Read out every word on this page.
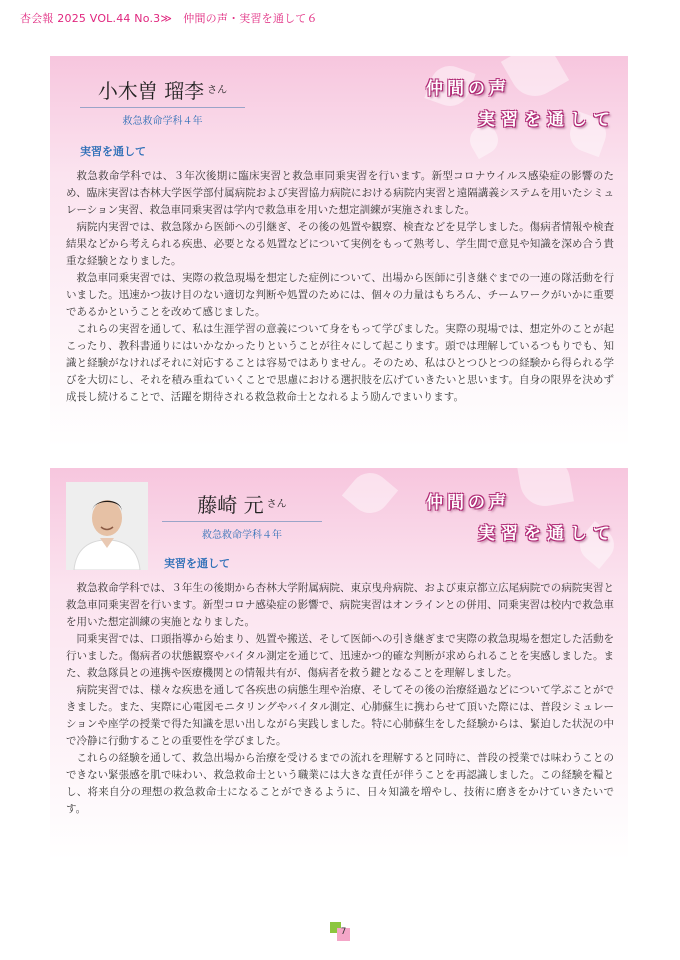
杏会報 2025 VOL.44 No.3≫　仲間の声・実習を通して６
小木曽 瑠李 $^{さん}$
救急救命学科４年
仲間の声
実習を通して
実習を通して

救急救命学科では、３年次後期に臨床実習と救急車同乗実習を行います。新型コロナウイルス感染症の影響のため、臨床実習は杏林大学医学部付属病院および実習協力病院における病院内実習と遠隔講義システムを用いたシミュレーション実習、救急車同乗実習は学内で救急車を用いた想定訓練が実施されました。

病院内実習では、救急隊から医師への引継ぎ、その後の処置や観察、検査などを見学しました。傷病者情報や検査結果などから考えられる疾患、必要となる処置などについて実例をもって熟考し、学生間で意見や知識を深め合う貴重な経験となりました。

救急車同乗実習では、実際の救急現場を想定した症例について、出場から医師に引き継ぐまでの一連の隊活動を行いました。迅速かつ抜け目のない適切な判断や処置のためには、個々の力量はもちろん、チームワークがいかに重要であるかということを改めて感じました。

これらの実習を通して、私は生涯学習の意義について身をもって学びました。実際の現場では、想定外のことが起こったり、教科書通りにはいかなかったりということが往々にして起こります。頭では理解しているつもりでも、知識と経験がなければそれに対応することは容易ではありません。そのため、私はひとつひとつの経験から得られる学びを大切にし、それを積み重ねていくことで思慮における選択肢を広げていきたいと思います。自身の限界を決めず成長し続けることで、活躍を期待される救急救命士となれるよう励んでまいります。

藤崎 元 $^{さん}$
救急救命学科４年
仲間の声
実習を通して
実習を通して

救急救命学科では、３年生の後期から杏林大学附属病院、東京曳舟病院、および東京都立広尾病院での病院実習と救急車同乗実習を行います。新型コロナ感染症の影響で、病院実習はオンラインとの併用、同乗実習は校内で救急車を用いた想定訓練の実施となりました。

同乗実習では、口頭指導から始まり、処置や搬送、そして医師への引き継ぎまで実際の救急現場を想定した活動を行いました。傷病者の状態観察やバイタル測定を通じて、迅速かつ的確な判断が求められることを実感しました。また、救急隊員との連携や医療機関との情報共有が、傷病者を救う鍵となることを理解しました。

病院実習では、様々な疾患を通して各疾患の病態生理や治療、そしてその後の治療経過などについて学ぶことができました。また、実際に心電図モニタリングやバイタル測定、心肺蘇生に携わらせて頂いた際には、普段シミュレーションや座学の授業で得た知識を思い出しながら実践しました。特に心肺蘇生をした経験からは、緊迫した状況の中で冷静に行動することの重要性を学びました。

これらの経験を通して、救急出場から治療を受けるまでの流れを理解すると同時に、普段の授業では味わうことのできない緊張感を肌で味わい、救急救命士という職業には大きな責任が伴うことを再認識しました。この経験を糧とし、将来自分の理想の救急救命士になることができるように、日々知識を増やし、技術に磨きをかけていきたいです。

7
